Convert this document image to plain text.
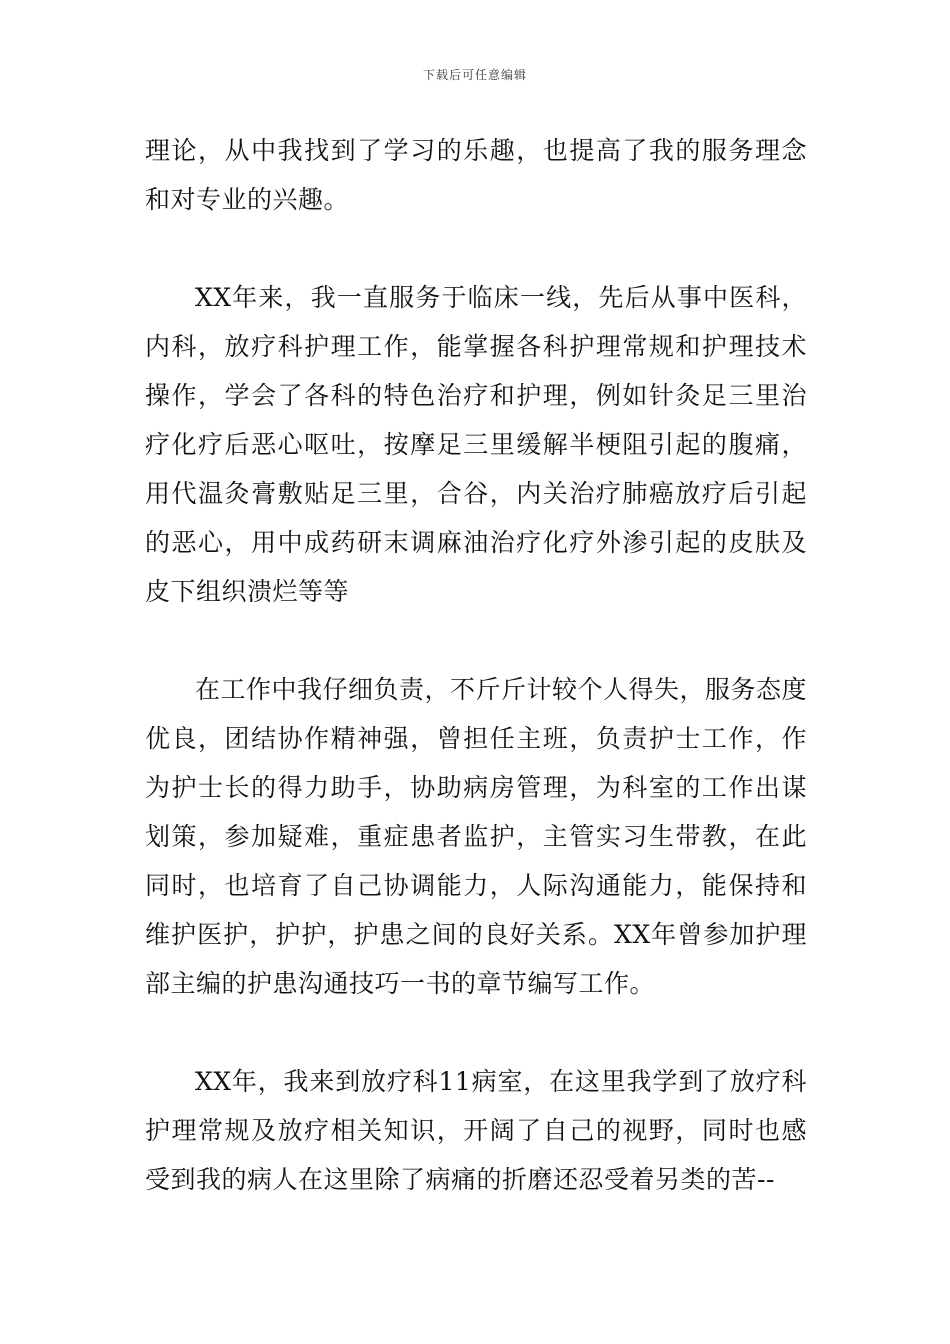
下载后可任意编辑

理论，从中我找到了学习的乐趣，也提高了我的服务理念和对专业的兴趣。

XX年来，我一直服务于临床一线，先后从事中医科，内科，放疗科护理工作，能掌握各科护理常规和护理技术操作，学会了各科的特色治疗和护理，例如针灸足三里治疗化疗后恶心呕吐，按摩足三里缓解半梗阻引起的腹痛，用代温灸膏敷贴足三里，合谷，内关治疗肺癌放疗后引起的恶心，用中成药研末调麻油治疗化疗外渗引起的皮肤及皮下组织溃烂等等

在工作中我仔细负责，不斤斤计较个人得失，服务态度优良，团结协作精神强，曾担任主班，负责护士工作，作为护士长的得力助手，协助病房管理，为科室的工作出谋划策，参加疑难，重症患者监护，主管实习生带教，在此同时，也培育了自己协调能力，人际沟通能力，能保持和维护医护，护护，护患之间的良好关系。XX年曾参加护理部主编的护患沟通技巧一书的章节编写工作。

XX年，我来到放疗科11病室，在这里我学到了放疗科护理常规及放疗相关知识，开阔了自己的视野，同时也感受到我的病人在这里除了病痛的折磨还忍受着另类的苦--
